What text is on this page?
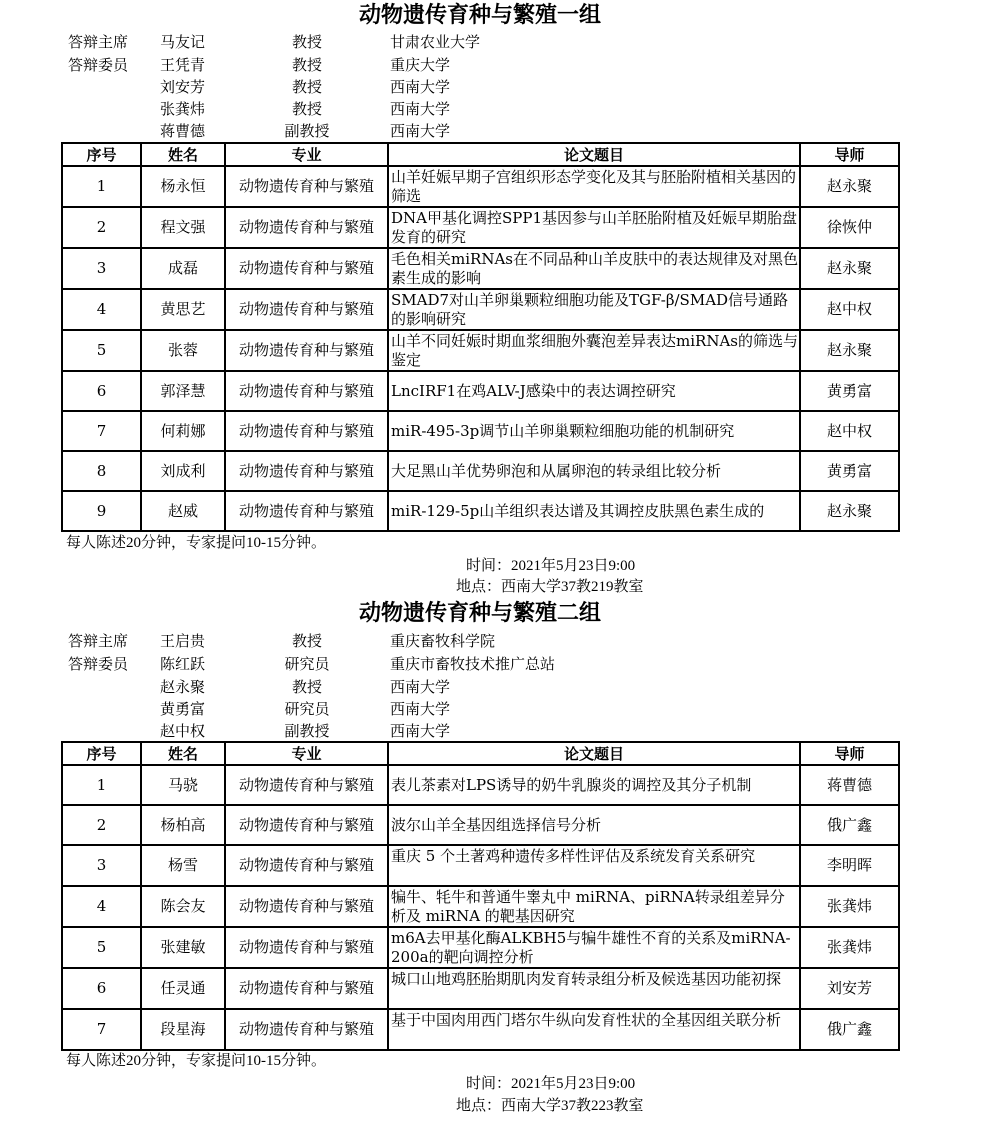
动物遗传育种与繁殖一组
答辩主席 马友记	教授	甘肃农业大学
答辩委员 王凭青	教授	重庆大学
刘安芳	教授	西南大学
张龚炜	教授	西南大学
蒋曹德	副教授	西南大学
序号	姓名	专业	论文题目	导师
1	杨永恒	动物遗传育种与繁殖	山羊妊娠早期子宫组织形态学变化及其与胚胎附植相关基因的筛选	赵永聚
2	程文强	动物遗传育种与繁殖	DNA甲基化调控SPP1基因参与山羊胚胎附植及妊娠早期胎盘发育的研究	徐恢仲
3	成磊	动物遗传育种与繁殖	毛色相关miRNAs在不同品种山羊皮肤中的表达规律及对黑色素生成的影响	赵永聚
4	黄思艺	动物遗传育种与繁殖	SMAD7对山羊卵巢颗粒细胞功能及TGF-β/SMAD信号通路的影响研究	赵中权
5	张蓉	动物遗传育种与繁殖	山羊不同妊娠时期血浆细胞外囊泡差异表达miRNAs的筛选与鉴定	赵永聚
6	郭泽慧	动物遗传育种与繁殖	LncIRF1在鸡ALV-J感染中的表达调控研究	黄勇富
7	何莉娜	动物遗传育种与繁殖	miR-495-3p调节山羊卵巢颗粒细胞功能的机制研究	赵中权
8	刘成利	动物遗传育种与繁殖	大足黑山羊优势卵泡和从属卵泡的转录组比较分析	黄勇富
9	赵威	动物遗传育种与繁殖	miR-129-5p山羊组织表达谱及其调控皮肤黑色素生成的	赵永聚
每人陈述20分钟，专家提问10-15分钟。
时间：2021年5月23日9:00
地点：西南大学37教219教室
动物遗传育种与繁殖二组
答辩主席 王启贵	教授	重庆畜牧科学院
答辩委员 陈红跃	研究员	重庆市畜牧技术推广总站
赵永聚	教授	西南大学
黄勇富	研究员	西南大学
赵中权	副教授	西南大学
序号	姓名	专业	论文题目	导师
1	马骁	动物遗传育种与繁殖	表儿茶素对LPS诱导的奶牛乳腺炎的调控及其分子机制	蒋曹德
2	杨柏高	动物遗传育种与繁殖	波尔山羊全基因组选择信号分析	俄广鑫
3	杨雪	动物遗传育种与繁殖	重庆 5 个土著鸡种遗传多样性评估及系统发育关系研究	李明晖
4	陈会友	动物遗传育种与繁殖	犏牛、牦牛和普通牛睾丸中 miRNA、piRNA转录组差异分析及 miRNA 的靶基因研究	张龚炜
5	张建敏	动物遗传育种与繁殖	m6A去甲基化酶ALKBH5与犏牛雄性不育的关系及miRNA-200a的靶向调控分析	张龚炜
6	任灵通	动物遗传育种与繁殖	城口山地鸡胚胎期肌肉发育转录组分析及候选基因功能初探	刘安芳
7	段星海	动物遗传育种与繁殖	基于中国肉用西门塔尔牛纵向发育性状的全基因组关联分析	俄广鑫
每人陈述20分钟，专家提问10-15分钟。
时间：2021年5月23日9:00
地点：西南大学37教223教室
